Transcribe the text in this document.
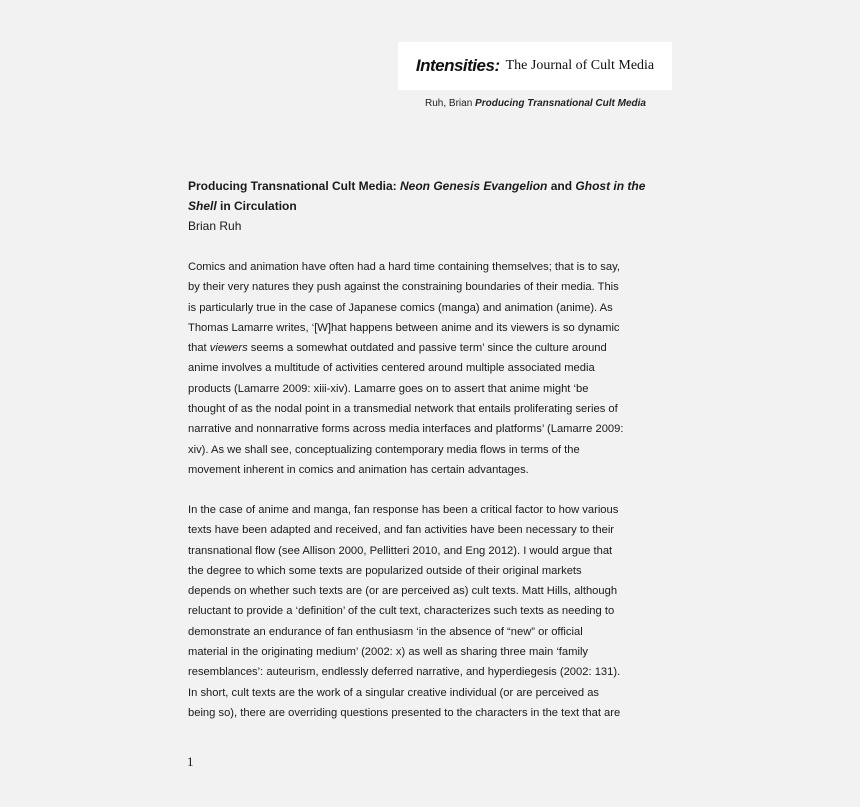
Intensities: The Journal of Cult Media
Ruh, Brian Producing Transnational Cult Media
Producing Transnational Cult Media: Neon Genesis Evangelion and Ghost in the
Shell in Circulation
Brian Ruh

Comics and animation have often had a hard time containing themselves; that is to say,
by their very natures they push against the constraining boundaries of their media. This
is particularly true in the case of Japanese comics (manga) and animation (anime). As
Thomas Lamarre writes, ‘[W]hat happens between anime and its viewers is so dynamic
that viewers seems a somewhat outdated and passive term’ since the culture around
anime involves a multitude of activities centered around multiple associated media
products (Lamarre 2009: xiii-xiv). Lamarre goes on to assert that anime might ‘be
thought of as the nodal point in a transmedial network that entails proliferating series of
narrative and nonnarrative forms across media interfaces and platforms’ (Lamarre 2009:
xiv). As we shall see, conceptualizing contemporary media flows in terms of the
movement inherent in comics and animation has certain advantages.

In the case of anime and manga, fan response has been a critical factor to how various
texts have been adapted and received, and fan activities have been necessary to their
transnational flow (see Allison 2000, Pellitteri 2010, and Eng 2012). I would argue that
the degree to which some texts are popularized outside of their original markets
depends on whether such texts are (or are perceived as) cult texts. Matt Hills, although
reluctant to provide a ‘definition’ of the cult text, characterizes such texts as needing to
demonstrate an endurance of fan enthusiasm ‘in the absence of “new” or official
material in the originating medium’ (2002: x) as well as sharing three main ‘family
resemblances’: auteurism, endlessly deferred narrative, and hyperdiegesis (2002: 131).
In short, cult texts are the work of a singular creative individual (or are perceived as
being so), there are overriding questions presented to the characters in the text that are

1
